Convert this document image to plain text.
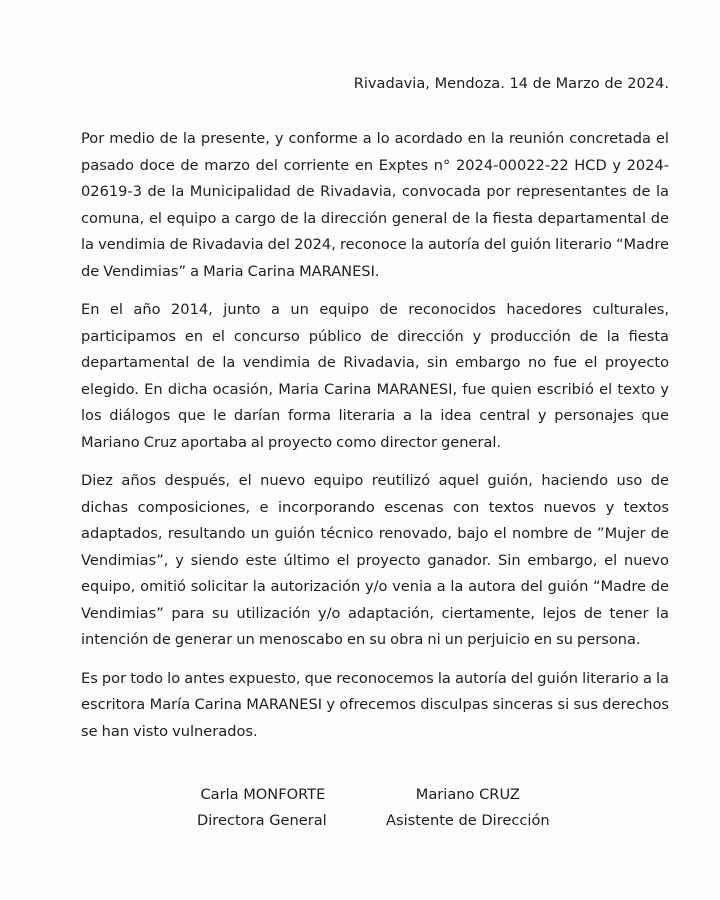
Rivadavia, Mendoza. 14 de Marzo de 2024.

Por medio de la presente, y conforme a lo acordado en la reunión concretada el pasado doce de marzo del corriente en Exptes n° 2024-00022-22 HCD y 2024-02619-3 de la Municipalidad de Rivadavia, convocada por representantes de la comuna, el equipo a cargo de la dirección general de la fiesta departamental de la vendimia de Rivadavia del 2024, reconoce la autoría del guión literario “Madre de Vendimias” a Maria Carina MARANESI.

En el año 2014, junto a un equipo de reconocidos hacedores culturales, participamos en el concurso público de dirección y producción de la fiesta departamental de la vendimia de Rivadavia, sin embargo no fue el proyecto elegido. En dicha ocasión, Maria Carina MARANESI, fue quien escribió el texto y los diálogos que le darían forma literaria a la idea central y personajes que Mariano Cruz aportaba al proyecto como director general.

Diez años después, el nuevo equipo reutilizó aquel guión, haciendo uso de dichas composiciones, e incorporando escenas con textos nuevos y textos adaptados, resultando un guión técnico renovado, bajo el nombre de ”Mujer de Vendimias”, y siendo este último el proyecto ganador. Sin embargo, el nuevo equipo, omitió solicitar la autorización y/o venia a la autora del guión “Madre de Vendimias” para su utilización y/o adaptación, ciertamente, lejos de tener la intención de generar un menoscabo en su obra ni un perjuicio en su persona.

Es por todo lo antes expuesto, que reconocemos la autoría del guión literario a la escritora María Carina MARANESI y ofrecemos disculpas sinceras si sus derechos se han visto vulnerados.

Carla MONFORTE
Directora General
Mariano CRUZ
Asistente de Dirección
